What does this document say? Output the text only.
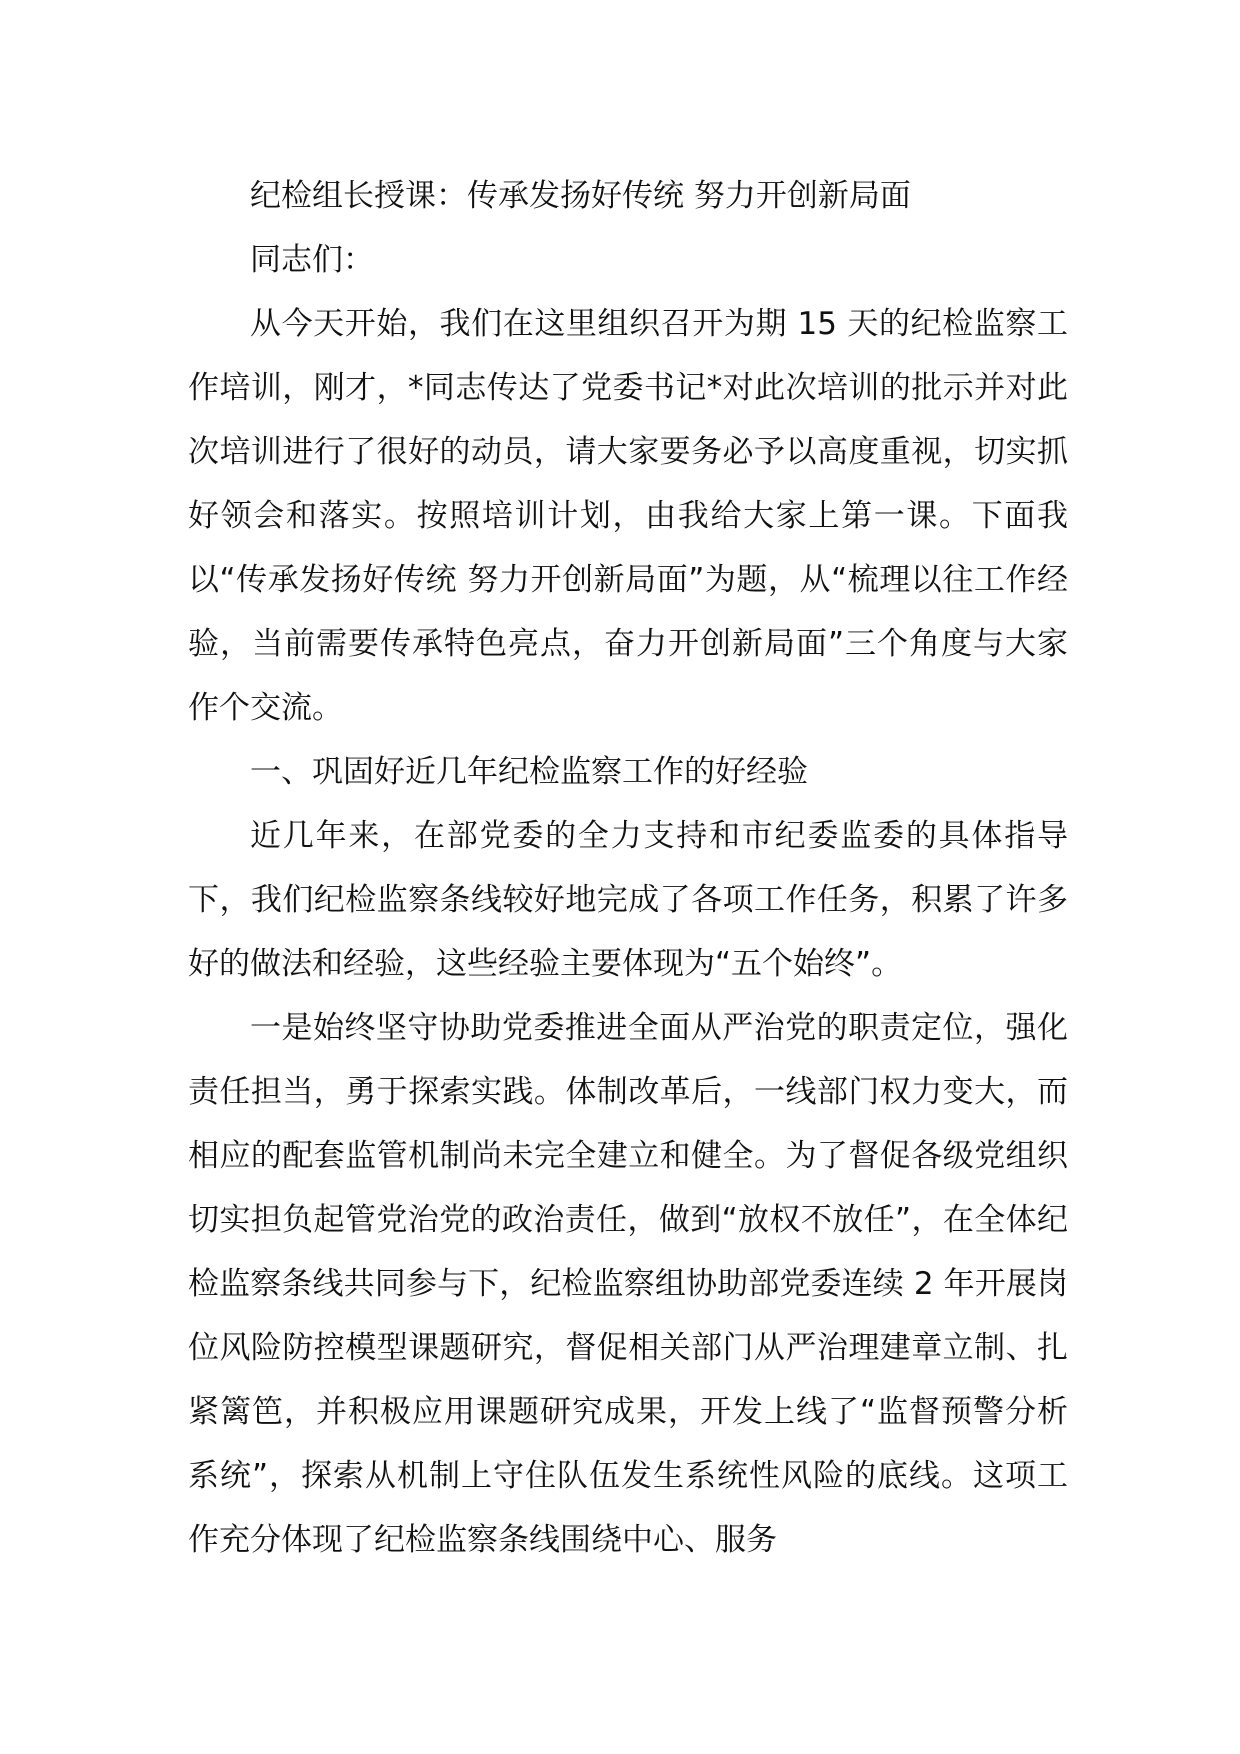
纪检组长授课：传承发扬好传统 努力开创新局面

同志们：

从今天开始，我们在这里组织召开为期 15 天的纪检监察工作培训，刚才，*同志传达了党委书记*对此次培训的批示并对此次培训进行了很好的动员，请大家要务必予以高度重视，切实抓好领会和落实。按照培训计划，由我给大家上第一课。下面我以“传承发扬好传统 努力开创新局面”为题，从“梳理以往工作经验，当前需要传承特色亮点，奋力开创新局面”三个角度与大家作个交流。

一、巩固好近几年纪检监察工作的好经验

近几年来，在部党委的全力支持和市纪委监委的具体指导下，我们纪检监察条线较好地完成了各项工作任务，积累了许多好的做法和经验，这些经验主要体现为“五个始终”。

一是始终坚守协助党委推进全面从严治党的职责定位，强化责任担当，勇于探索实践。体制改革后，一线部门权力变大，而相应的配套监管机制尚未完全建立和健全。为了督促各级党组织切实担负起管党治党的政治责任，做到“放权不放任”，在全体纪检监察条线共同参与下，纪检监察组协助部党委连续 2 年开展岗位风险防控模型课题研究，督促相关部门从严治理建章立制、扎紧篱笆，并积极应用课题研究成果，开发上线了“监督预警分析系统”，探索从机制上守住队伍发生系统性风险的底线。这项工作充分体现了纪检监察条线围绕中心、服务
